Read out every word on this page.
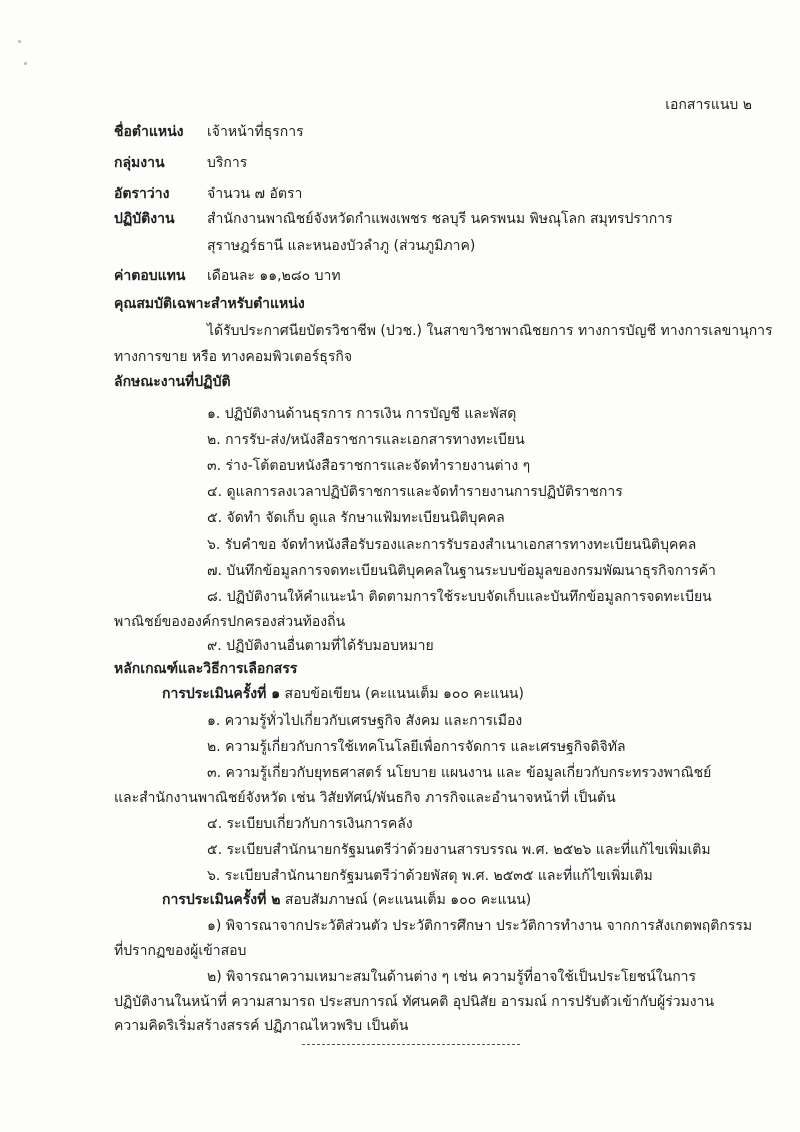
เอกสารแนบ ๒
ชื่อตำแหน่ง เจ้าหน้าที่ธุรการ
กลุ่มงาน	บริการ
อัตราว่าง	จำนวน ๗ อัตรา
ปฏิบัติงาน สำนักงานพาณิชย์จังหวัดกำแพงเพชร ชลบุรี นครพนม พิษณุโลก สมุทรปราการ
สุราษฎร์ธานี และหนองบัวลำภู (ส่วนภูมิภาค)
ค่าตอบแทน เดือนละ ๑๑,๒๘๐ บาท
คุณสมบัติเฉพาะสำหรับตำแหน่ง
ได้รับประกาศนียบัตรวิชาชีพ (ปวช.) ในสาขาวิชาพาณิชยการ ทางการบัญชี ทางการเลขานุการ
ทางการขาย หรือ ทางคอมพิวเตอร์ธุรกิจ
ลักษณะงานที่ปฏิบัติ
๑. ปฏิบัติงานด้านธุรการ การเงิน การบัญชี และพัสดุ
๒. การรับ-ส่ง/หนังสือราชการและเอกสารทางทะเบียน
๓. ร่าง-โต้ตอบหนังสือราชการและจัดทำรายงานต่าง ๆ
๔. ดูแลการลงเวลาปฏิบัติราชการและจัดทำรายงานการปฏิบัติราชการ
๕. จัดทำ จัดเก็บ ดูแล รักษาแฟ้มทะเบียนนิติบุคคล
๖. รับคำขอ จัดทำหนังสือรับรองและการรับรองสำเนาเอกสารทางทะเบียนนิติบุคคล
๗. บันทึกข้อมูลการจดทะเบียนนิติบุคคลในฐานระบบข้อมูลของกรมพัฒนาธุรกิจการค้า
๘. ปฏิบัติงานให้คำแนะนำ ติดตามการใช้ระบบจัดเก็บและบันทึกข้อมูลการจดทะเบียน
พาณิชย์ขององค์กรปกครองส่วนท้องถิ่น
๙. ปฏิบัติงานอื่นตามที่ได้รับมอบหมาย
หลักเกณฑ์และวิธีการเลือกสรร
การประเมินครั้งที่ ๑ สอบข้อเขียน (คะแนนเต็ม ๑๐๐ คะแนน)
๑. ความรู้ทั่วไปเกี่ยวกับเศรษฐกิจ สังคม และการเมือง
๒. ความรู้เกี่ยวกับการใช้เทคโนโลยีเพื่อการจัดการ และเศรษฐกิจดิจิทัล
๓. ความรู้เกี่ยวกับยุทธศาสตร์ นโยบาย แผนงาน และ ข้อมูลเกี่ยวกับกระทรวงพาณิชย์
และสำนักงานพาณิชย์จังหวัด เช่น วิสัยทัศน์/พันธกิจ ภารกิจและอำนาจหน้าที่ เป็นต้น
๔. ระเบียบเกี่ยวกับการเงินการคลัง
๕. ระเบียบสำนักนายกรัฐมนตรีว่าด้วยงานสารบรรณ พ.ศ. ๒๕๒๖ และที่แก้ไขเพิ่มเติม
๖. ระเบียบสำนักนายกรัฐมนตรีว่าด้วยพัสดุ พ.ศ. ๒๕๓๕ และที่แก้ไขเพิ่มเติม
การประเมินครั้งที่ ๒ สอบสัมภาษณ์ (คะแนนเต็ม ๑๐๐ คะแนน)
๑) พิจารณาจากประวัติส่วนตัว ประวัติการศึกษา ประวัติการทำงาน จากการสังเกตพฤติกรรม
ที่ปรากฏของผู้เข้าสอบ
๒) พิจารณาความเหมาะสมในด้านต่าง ๆ เช่น ความรู้ที่อาจใช้เป็นประโยชน์ในการ
ปฏิบัติงานในหน้าที่ ความสามารถ ประสบการณ์ ทัศนคติ อุปนิสัย อารมณ์ การปรับตัวเข้ากับผู้ร่วมงาน
ความคิดริเริ่มสร้างสรรค์ ปฏิภาณไหวพริบ เป็นต้น
